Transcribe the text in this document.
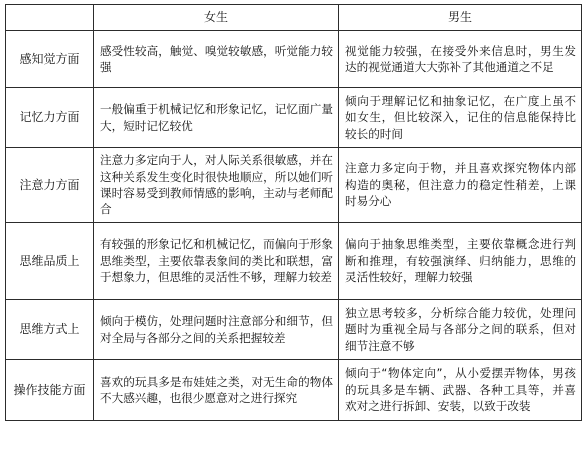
	女生	男生
感知觉方面	感受性较高，触觉、嗅觉较敏感，听觉能力较强	视觉能力较强，在接受外来信息时，男生发达的视觉通道大大弥补了其他通道之不足
记忆力方面	一般偏重于机械记忆和形象记忆，记忆面广量大，短时记忆较优	倾向于理解记忆和抽象记忆，在广度上虽不如女生，但比较深入，记住的信息能保持比较长的时间
注意力方面	注意力多定向于人，对人际关系很敏感，并在这种关系发生变化时很快地顺应，所以她们听课时容易受到教师情感的影响，主动与老师配合	注意力多定向于物，并且喜欢探究物体内部构造的奥秘，但注意力的稳定性稍差，上课时易分心
思维品质上	有较强的形象记忆和机械记忆，而偏向于形象思维类型，主要依靠表象间的类比和联想，富于想象力，但思维的灵活性不够，理解力较差	偏向于抽象思维类型，主要依靠概念进行判断和推理，有较强演绎、归纳能力，思维的灵活性较好，理解力较强
思维方式上	倾向于模仿，处理问题时注意部分和细节，但对全局与各部分之间的关系把握较差	独立思考较多，分析综合能力较优，处理问题时为重视全局与各部分之间的联系，但对细节注意不够
操作技能方面	喜欢的玩具多是布娃娃之类，对无生命的物体不大感兴趣，也很少愿意对之进行探究	倾向于“物体定向”，从小爱摆弄物体，男孩的玩具多是车辆、武器、各种工具等，并喜欢对之进行拆卸、安装，以致于改装
